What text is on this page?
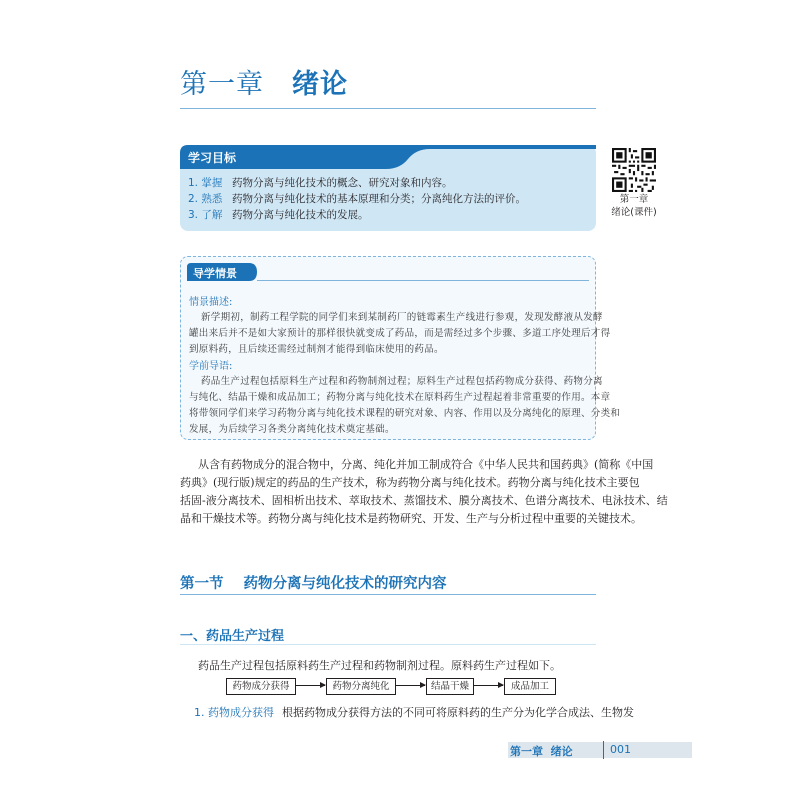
第一章 绪论
学习目标
1. 掌握 药物分离与纯化技术的概念、研究对象和内容。
2. 熟悉 药物分离与纯化技术的基本原理和分类；分离纯化方法的评价。
3. 了解 药物分离与纯化技术的发展。
第一章
绪论(课件)
导学情景
情景描述:
新学期初，制药工程学院的同学们来到某制药厂的链霉素生产线进行参观，发现发酵液从发酵
罐出来后并不是如大家预计的那样很快就变成了药品，而是需经过多个步骤、多道工序处理后才得
到原料药，且后续还需经过制剂才能得到临床使用的药品。
学前导语:
药品生产过程包括原料生产过程和药物制剂过程；原料生产过程包括药物成分获得、药物分离
与纯化、结晶干燥和成品加工；药物分离与纯化技术在原料药生产过程起着非常重要的作用。本章
将带领同学们来学习药物分离与纯化技术课程的研究对象、内容、作用以及分离纯化的原理、分类和
发展，为后续学习各类分离纯化技术奠定基础。
从含有药物成分的混合物中，分离、纯化并加工制成符合《中华人民共和国药典》(简称《中国
药典》(现行版)规定的药品的生产技术，称为药物分离与纯化技术。药物分离与纯化技术主要包
括固-液分离技术、固相析出技术、萃取技术、蒸馏技术、膜分离技术、色谱分离技术、电泳技术、结
晶和干燥技术等。药物分离与纯化技术是药物研究、开发、生产与分析过程中重要的关键技术。
第一节 药物分离与纯化技术的研究内容
一、药品生产过程
药品生产过程包括原料药生产过程和药物制剂过程。原料药生产过程如下。
药物成分获得	药物分离纯化	结晶干燥	成品加工
1. 药物成分获得 根据药物成分获得方法的不同可将原料药的生产分为化学合成法、生物发
第一章  绪论	001
